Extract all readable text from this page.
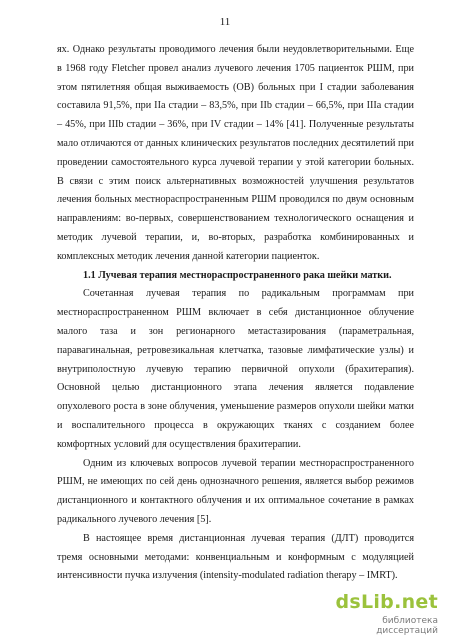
11

ях. Однако результаты проводимого лечения были неудовлетворительными. Еще в 1968 году Fletcher провел анализ лучевого лечения 1705 пациенток РШМ, при этом пятилетняя общая выживаемость (ОВ) больных при I стадии заболевания составила 91,5%, при IIa стадии – 83,5%, при IIb стадии – 66,5%, при IIIa стадии – 45%, при IIIb стадии – 36%, при IV стадии – 14% [41]. Полученные результаты мало отличаются от данных клинических результатов последних десятилетий при проведении самостоятельного курса лучевой терапии у этой категории больных. В связи с этим поиск альтернативных возможностей улучшения результатов лечения больных местнораспространенным РШМ проводился по двум основным направлениям: во-первых, совершенствованием технологического оснащения и методик лучевой терапии, и, во-вторых, разработка комбинированных и комплексных методик лечения данной категории пациенток.

1.1 Лучевая терапия местнораспространенного рака шейки матки.

Сочетанная лучевая терапия по радикальным программам при местнораспространенном РШМ включает в себя дистанционное облучение малого таза и зон регионарного метастазирования (параметральная, паравагинальная, ретровезикальная клетчатка, тазовые лимфатические узлы) и внутриполостную лучевую терапию первичной опухоли (брахитерапия). Основной целью дистанционного этапа лечения является подавление опухолевого роста в зоне облучения, уменьшение размеров опухоли шейки матки и воспалительного процесса в окружающих тканях с созданием более комфортных условий для осуществления брахитерапии.

Одним из ключевых вопросов лучевой терапии местнораспространенного РШМ, не имеющих по сей день однозначного решения, является выбор режимов дистанционного и контактного облучения и их оптимальное сочетание в рамках радикального лучевого лечения [5].

В настоящее время дистанционная лучевая терапия (ДЛТ) проводится тремя основными методами: конвенциальным и конформным с модуляцией интенсивности пучка излучения (intensity-modulated radiation therapy – IMRT).

dsLib.net
библиотека диссертаций
